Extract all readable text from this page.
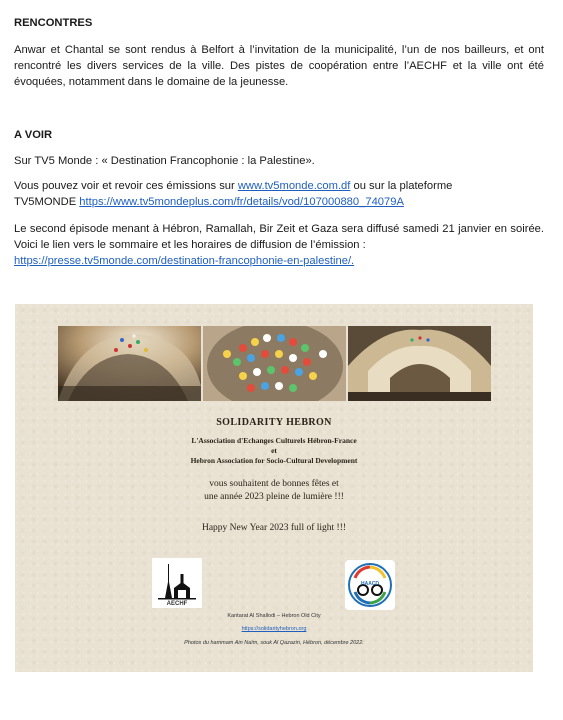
RENCONTRES
Anwar et Chantal se sont rendus à Belfort à l’invitation de la municipalité, l’un de nos bailleurs, et ont rencontré les divers services de la ville. Des pistes de coopération entre l’AECHF et la ville ont été évoquées, notamment dans le domaine de la jeunesse.
A VOIR
Sur TV5 Monde : « Destination Francophonie : la Palestine».
Vous pouvez voir et revoir ces émissions sur www.tv5monde.com.df ou sur la plateforme
TV5MONDE https://www.tv5mondeplus.com/fr/details/vod/107000880_74079A
Le second épisode menant à Hébron, Ramallah, Bir Zeit et Gaza sera diffusé samedi 21 janvier en soirée. Voici le lien vers le sommaire et les horaires de diffusion de l’émission :
https://presse.tv5monde.com/destination-francophonie-en-palestine/.
SOLIDARITY HEBRON
L'Association d'Echanges Culturels Hébron-France
et
Hebron Association for Socio-Cultural Development
vous souhaitent de bonnes fêtes et
une année 2023 pleine de lumière !!!
Happy New Year 2023 full of light !!!
AECHF
HAACD
Kantarat Al Shallodi – Hebron Old City
https://solidarityhebron.org
Photos du hammam Ain Naïm, souk Al Qazazin, Hébron, décembre 2022.
